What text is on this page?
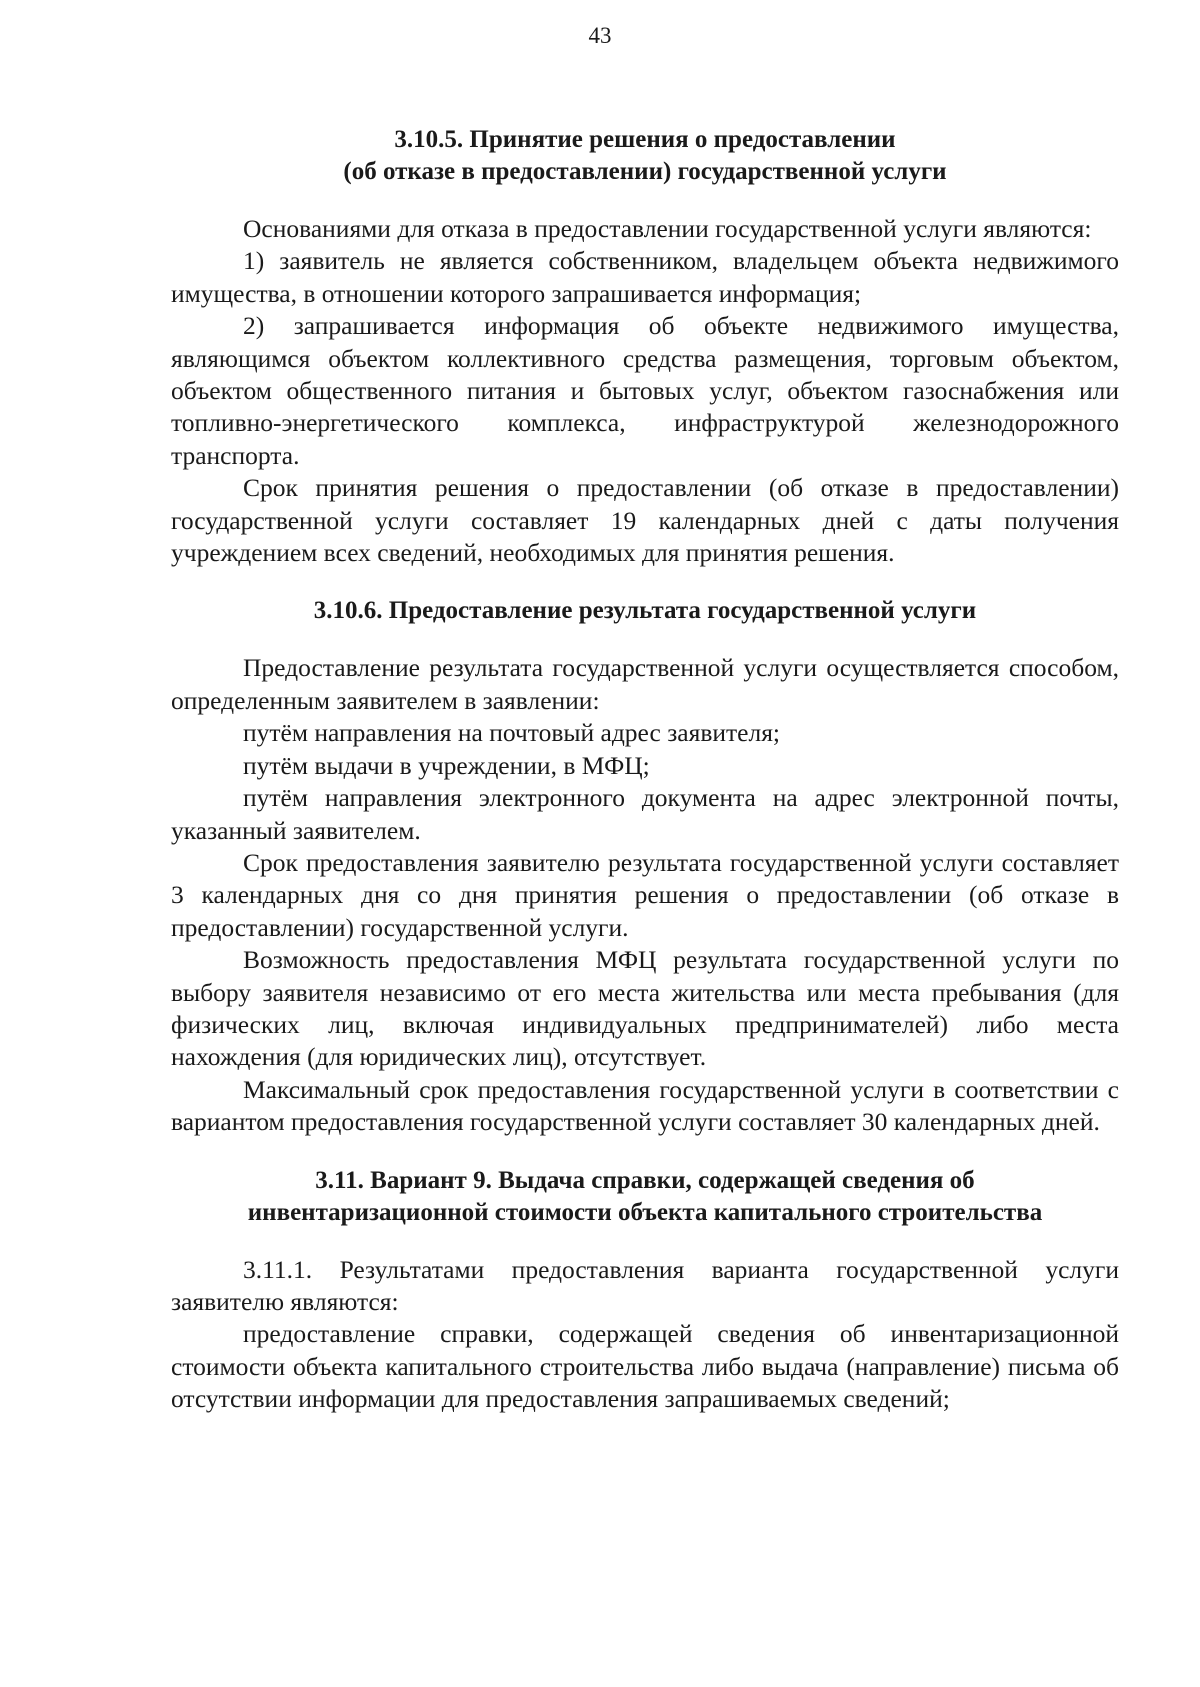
43
3.10.5. Принятие решения о предоставлении
(об отказе в предоставлении) государственной услуги

Основаниями для отказа в предоставлении государственной услуги являются:

1) заявитель не является собственником, владельцем объекта недвижимого имущества, в отношении которого запрашивается информация;

2) запрашивается информация об объекте недвижимого имущества, являющимся объектом коллективного средства размещения, торговым объектом, объектом общественного питания и бытовых услуг, объектом газоснабжения или топливно-энергетического комплекса, инфраструктурой железнодорожного транспорта.

Срок принятия решения о предоставлении (об отказе в предоставлении) государственной услуги составляет 19 календарных дней с даты получения учреждением всех сведений, необходимых для принятия решения.

3.10.6. Предоставление результата государственной услуги

Предоставление результата государственной услуги осуществляется способом, определенным заявителем в заявлении:

путём направления на почтовый адрес заявителя;

путём выдачи в учреждении, в МФЦ;

путём направления электронного документа на адрес электронной почты, указанный заявителем.

Срок предоставления заявителю результата государственной услуги составляет 3 календарных дня со дня принятия решения о предоставлении (об отказе в предоставлении) государственной услуги.

Возможность предоставления МФЦ результата государственной услуги по выбору заявителя независимо от его места жительства или места пребывания (для физических лиц, включая индивидуальных предпринимателей) либо места нахождения (для юридических лиц), отсутствует.

Максимальный срок предоставления государственной услуги в соответствии с вариантом предоставления государственной услуги составляет 30 календарных дней.

3.11. Вариант 9. Выдача справки, содержащей сведения об
инвентаризационной стоимости объекта капитального строительства

3.11.1. Результатами предоставления варианта государственной услуги заявителю являются:

предоставление справки, содержащей сведения об инвентаризационной стоимости объекта капитального строительства либо выдача (направление) письма об отсутствии информации для предоставления запрашиваемых сведений;
